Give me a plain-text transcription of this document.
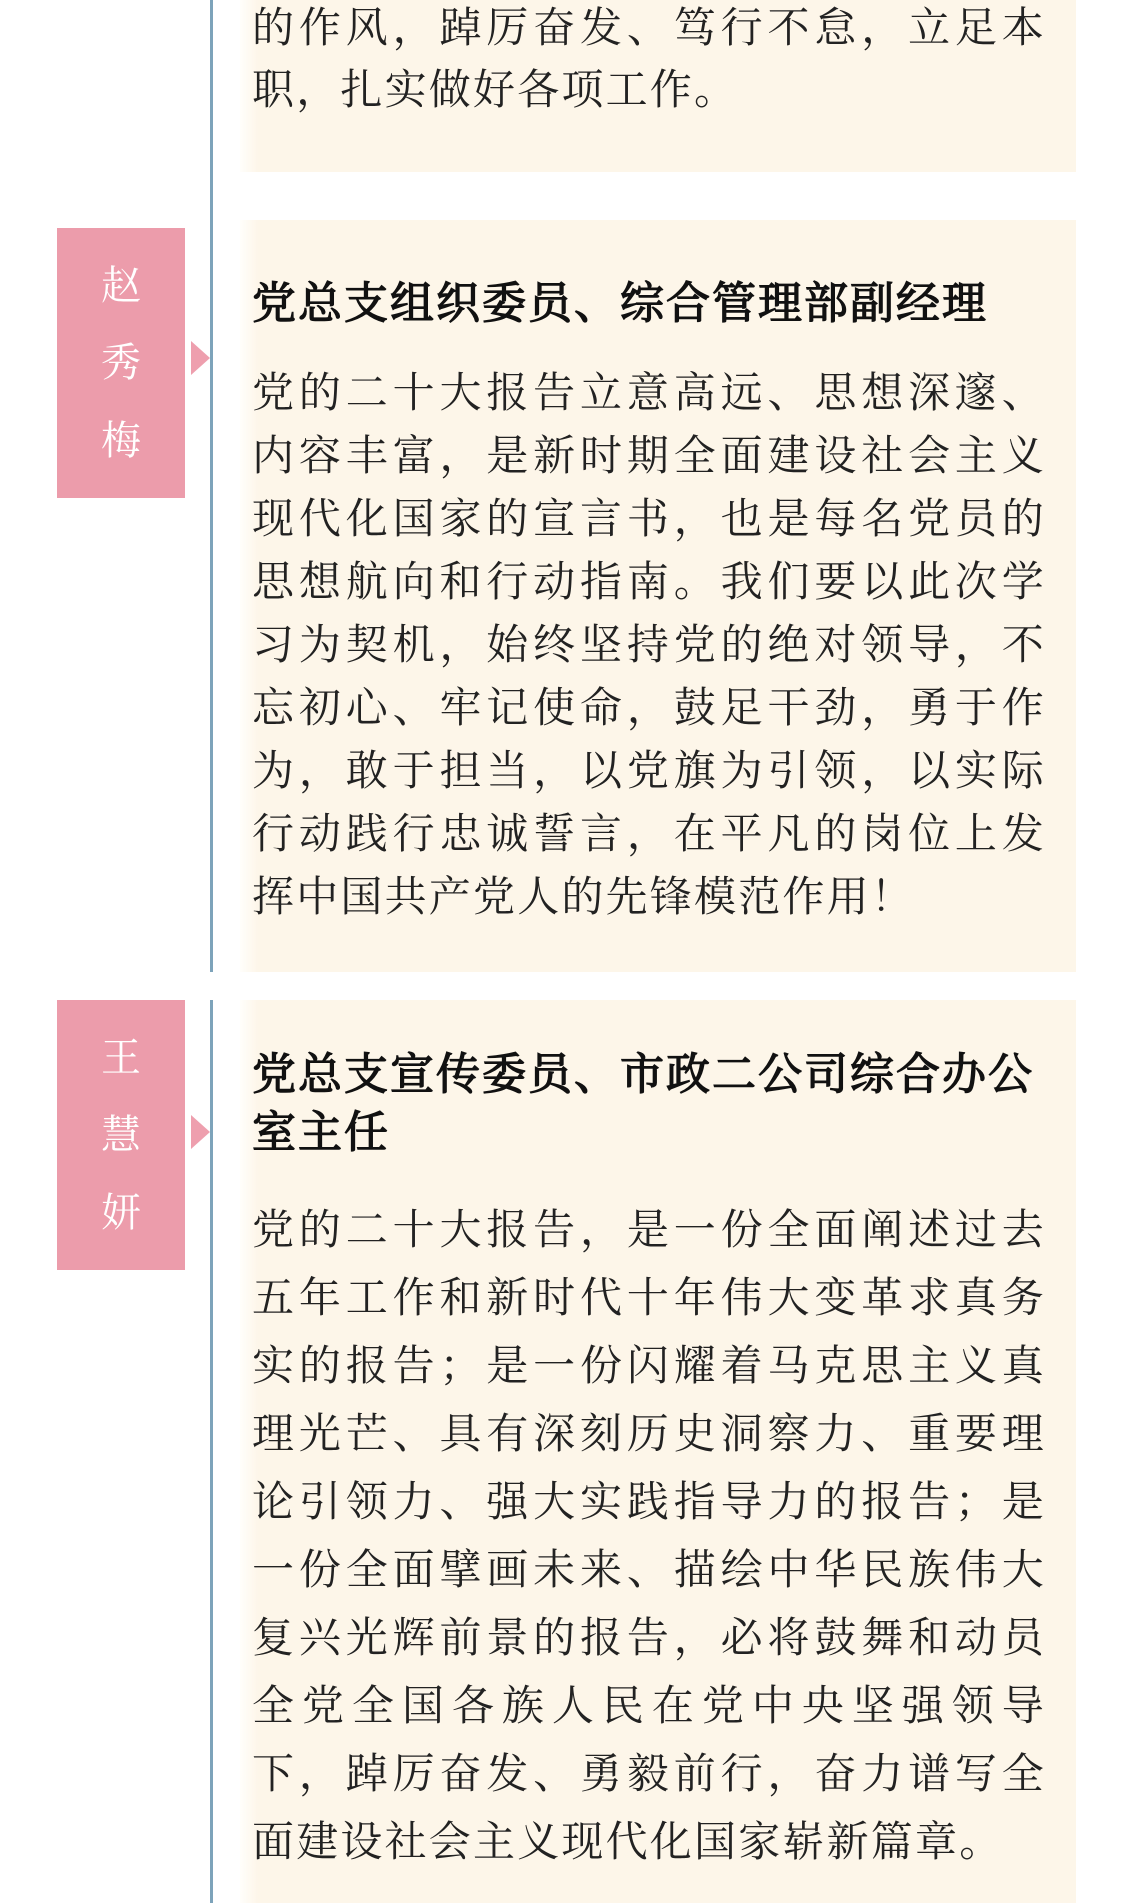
的作风，踔厉奋发、笃行不怠，立足本
职，扎实做好各项工作。
赵
秀
梅
党总支组织委员、综合管理部副经理
党的二十大报告立意高远、思想深邃、
内容丰富，是新时期全面建设社会主义
现代化国家的宣言书，也是每名党员的
思想航向和行动指南。我们要以此次学
习为契机，始终坚持党的绝对领导，不
忘初心、牢记使命，鼓足干劲，勇于作
为，敢于担当，以党旗为引领，以实际
行动践行忠诚誓言，在平凡的岗位上发
挥中国共产党人的先锋模范作用！
王
慧
妍
党总支宣传委员、市政二公司综合办公
室主任
党的二十大报告，是一份全面阐述过去
五年工作和新时代十年伟大变革求真务
实的报告；是一份闪耀着马克思主义真
理光芒、具有深刻历史洞察力、重要理
论引领力、强大实践指导力的报告；是
一份全面擘画未来、描绘中华民族伟大
复兴光辉前景的报告，必将鼓舞和动员
全党全国各族人民在党中央坚强领导
下，踔厉奋发、勇毅前行，奋力谱写全
面建设社会主义现代化国家崭新篇章。
